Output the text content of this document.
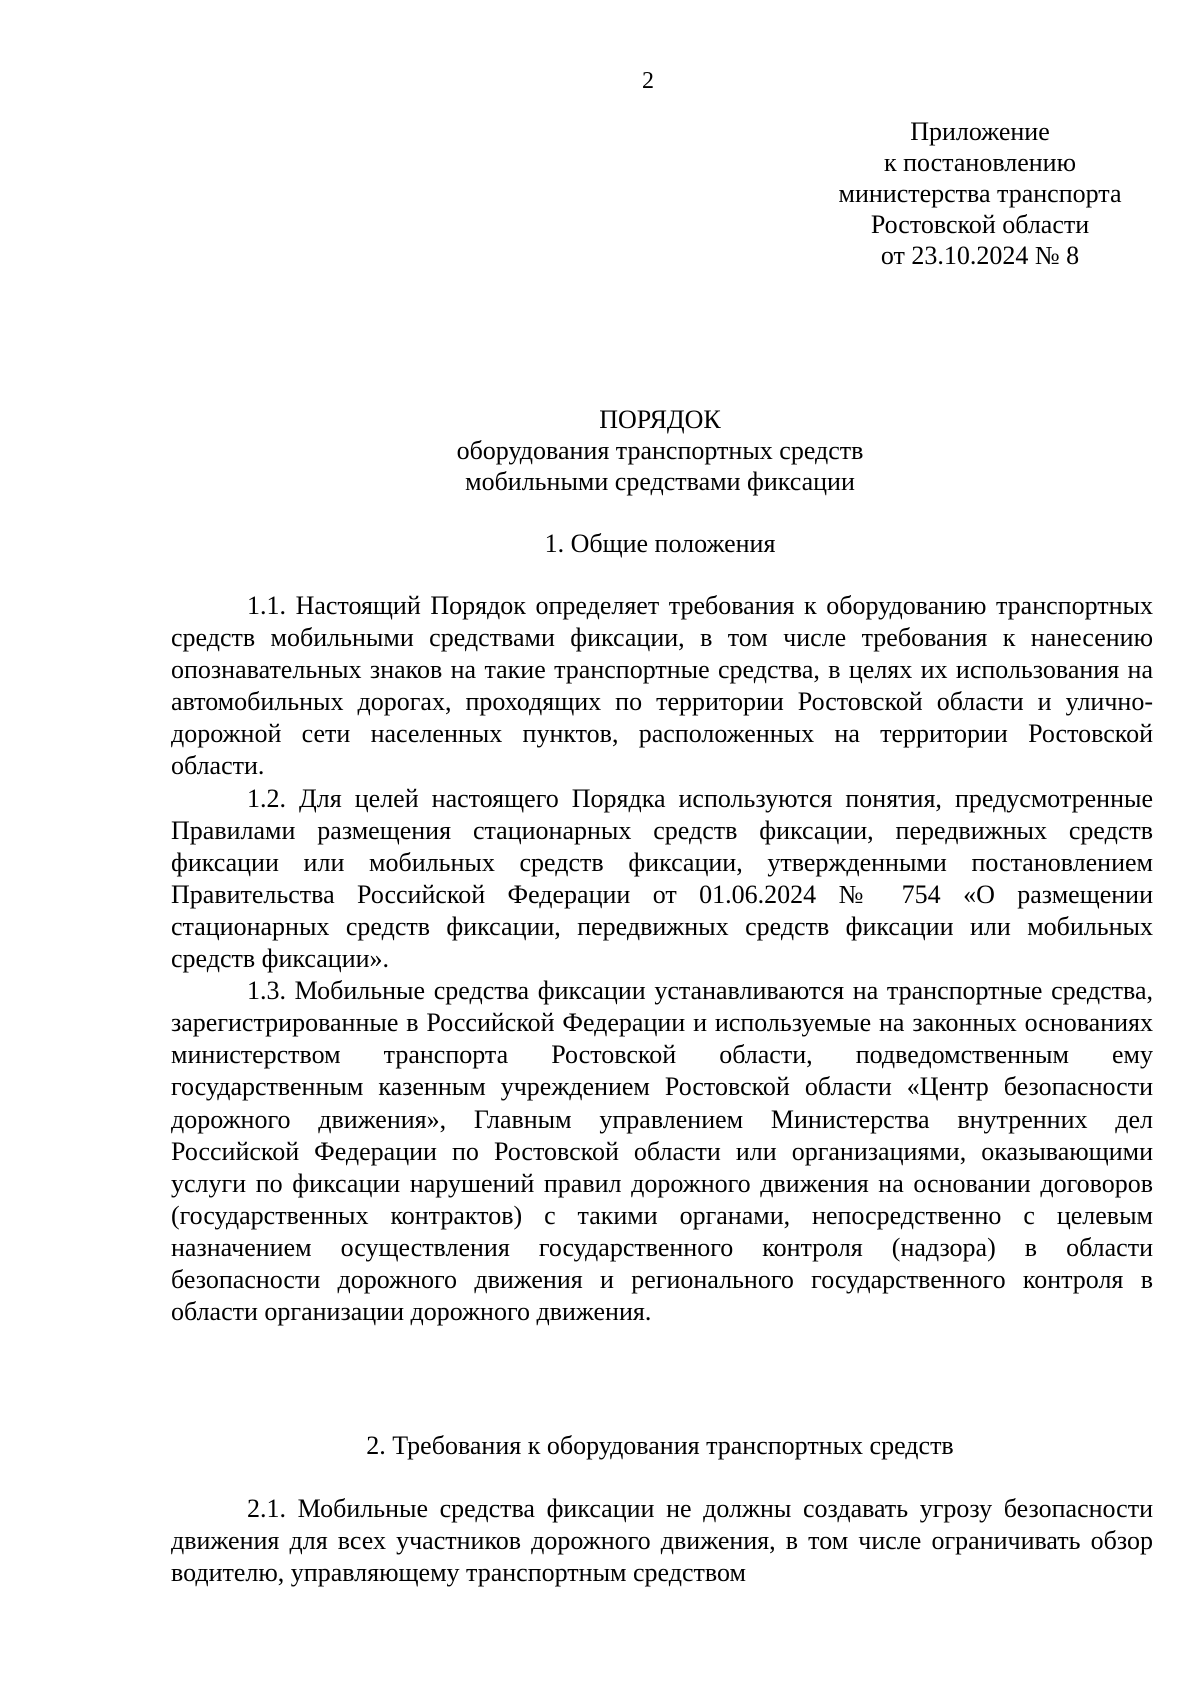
2
Приложение
к постановлению
министерства транспорта
Ростовской области
от 23.10.2024 № 8
ПОРЯДОК
оборудования транспортных средств
мобильными средствами фиксации
1. Общие положения

1.1. Настоящий Порядок определяет требования к оборудованию транспортных средств мобильными средствами фиксации, в том числе требования к нанесению опознавательных знаков на такие транспортные средства, в целях их использования на автомобильных дорогах, проходящих по территории Ростовской области и улично-дорожной сети населенных пунктов, расположенных на территории Ростовской области.

1.2. Для целей настоящего Порядка используются понятия, предусмотренные Правилами размещения стационарных средств фиксации, передвижных средств фиксации или мобильных средств фиксации, утвержденными постановлением Правительства Российской Федерации от 01.06.2024 № 754 «О размещении стационарных средств фиксации, передвижных средств фиксации или мобильных средств фиксации».

1.3. Мобильные средства фиксации устанавливаются на транспортные средства, зарегистрированные в Российской Федерации и используемые на законных основаниях министерством транспорта Ростовской области, подведомственным ему государственным казенным учреждением Ростовской области «Центр безопасности дорожного движения», Главным управлением Министерства внутренних дел Российской Федерации по Ростовской области или организациями, оказывающими услуги по фиксации нарушений правил дорожного движения на основании договоров (государственных контрактов) с такими органами, непосредственно с целевым назначением осуществления государственного контроля (надзора) в области безопасности дорожного движения и регионального государственного контроля в области организации дорожного движения.

2. Требования к оборудования транспортных средств

2.1. Мобильные средства фиксации не должны создавать угрозу безопасности движения для всех участников дорожного движения, в том числе ограничивать обзор водителю, управляющему транспортным средством
